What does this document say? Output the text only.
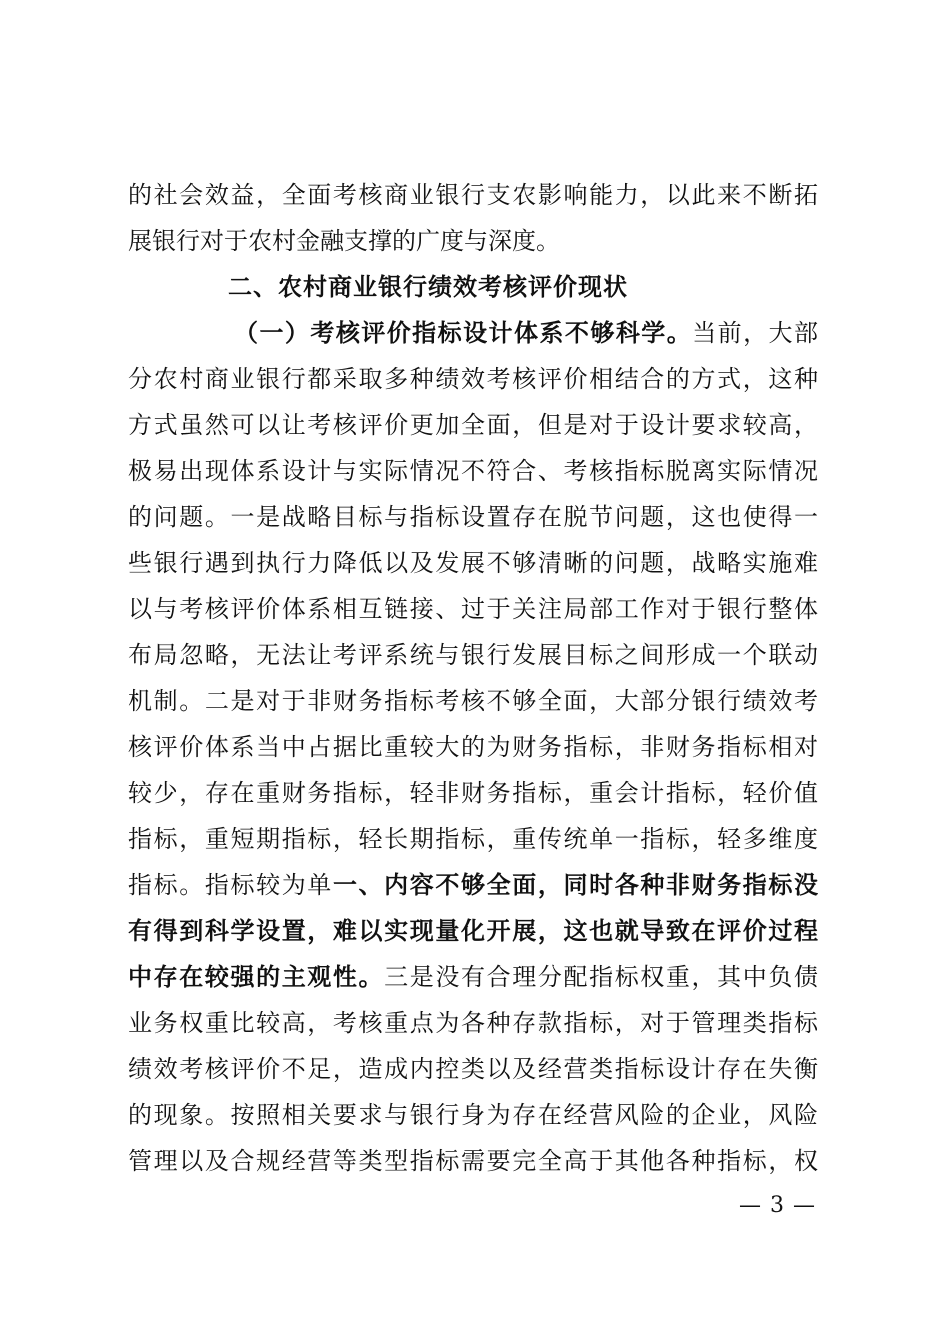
的社会效益，全面考核商业银行支农影响能力，以此来不断拓
展银行对于农村金融支撑的广度与深度。
二、农村商业银行绩效考核评价现状
（一）考核评价指标设计体系不够科学。当前，大部
分农村商业银行都采取多种绩效考核评价相结合的方式，这种
方式虽然可以让考核评价更加全面，但是对于设计要求较高，
极易出现体系设计与实际情况不符合、考核指标脱离实际情况
的问题。一是战略目标与指标设置存在脱节问题，这也使得一
些银行遇到执行力降低以及发展不够清晰的问题，战略实施难
以与考核评价体系相互链接、过于关注局部工作对于银行整体
布局忽略，无法让考评系统与银行发展目标之间形成一个联动
机制。二是对于非财务指标考核不够全面，大部分银行绩效考
核评价体系当中占据比重较大的为财务指标，非财务指标相对
较少，存在重财务指标，轻非财务指标，重会计指标，轻价值
指标，重短期指标，轻长期指标，重传统单一指标，轻多维度
指标。指标较为单一、内容不够全面，同时各种非财务指标没
有得到科学设置，难以实现量化开展，这也就导致在评价过程
中存在较强的主观性。三是没有合理分配指标权重，其中负债
业务权重比较高，考核重点为各种存款指标，对于管理类指标
绩效考核评价不足，造成内控类以及经营类指标设计存在失衡
的现象。按照相关要求与银行身为存在经营风险的企业，风险
管理以及合规经营等类型指标需要完全高于其他各种指标，权
— 3 —
